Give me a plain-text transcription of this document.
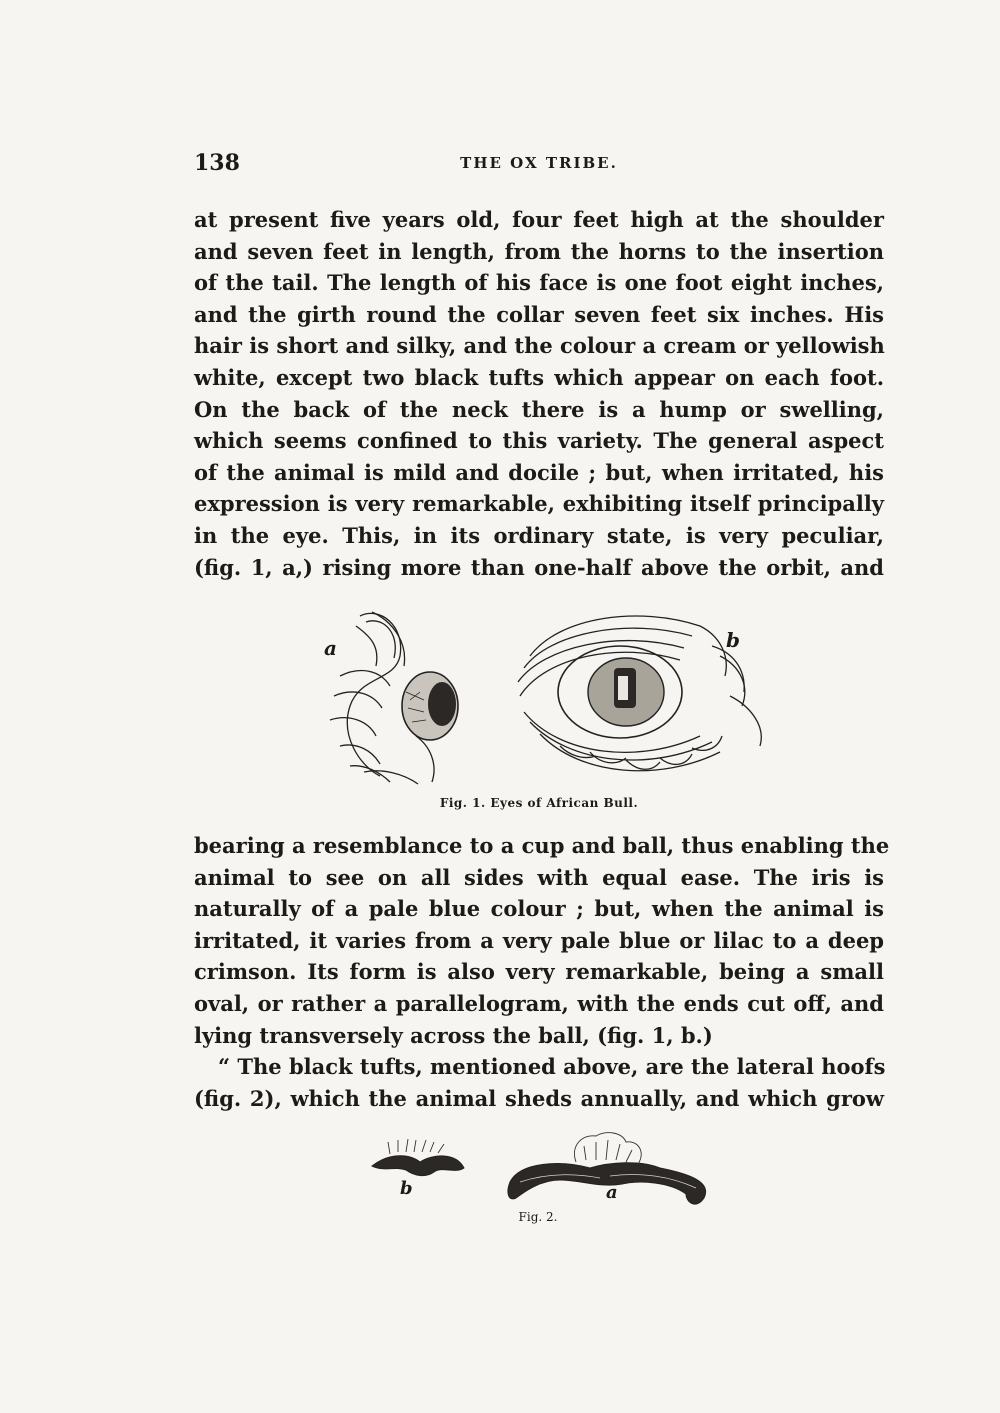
138	THE OX TRIBE.
at present five years old, four feet high at the shoulder
and seven feet in length, from the horns to the insertion
of the tail. The length of his face is one foot eight inches,
and the girth round the collar seven feet six inches. His
hair is short and silky, and the colour a cream or yellowish
white, except two black tufts which appear on each foot.
On the back of the neck there is a hump or swelling,
which seems confined to this variety. The general aspect
of the animal is mild and docile ; but, when irritated, his
expression is very remarkable, exhibiting itself principally
in the eye. This, in its ordinary state, is very peculiar,
(fig. 1, a,) rising more than one-half above the orbit, and
a	b
Fig. 1. Eyes of African Bull.
bearing a resemblance to a cup and ball, thus enabling the
animal to see on all sides with equal ease. The iris is
naturally of a pale blue colour ; but, when the animal is
irritated, it varies from a very pale blue or lilac to a deep
crimson. Its form is also very remarkable, being a small
oval, or rather a parallelogram, with the ends cut off, and
lying transversely across the ball, (fig. 1, b.)
“ The black tufts, mentioned above, are the lateral hoofs
(fig. 2), which the animal sheds annually, and which grow
b	a
Fig. 2.
